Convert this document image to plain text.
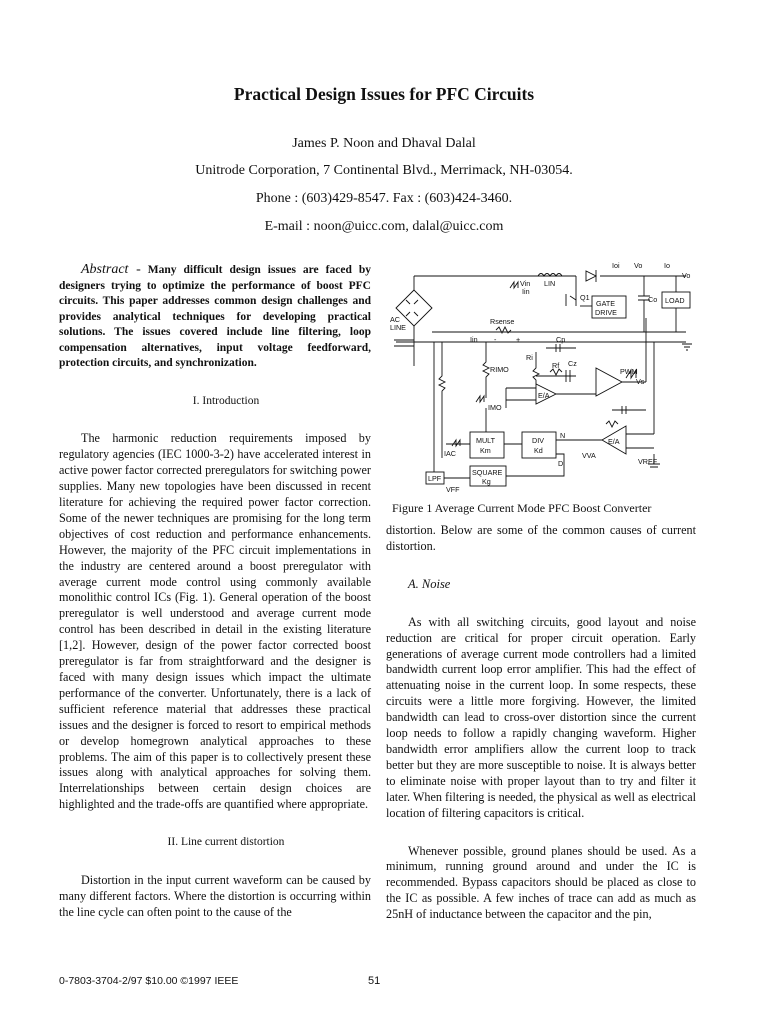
Practical Design Issues for PFC Circuits
James P. Noon and Dhaval Dalal
Unitrode Corporation, 7 Continental Blvd., Merrimack, NH-03054.
Phone : (603)429-8547. Fax : (603)424-3460.
E-mail : noon@uicc.com, dalal@uicc.com

Abstract - Many difficult design issues are faced by designers trying to optimize the performance of boost PFC circuits. This paper addresses common design challenges and provides analytical techniques for developing practical solutions. The issues covered include line filtering, loop compensation alternatives, input voltage feedforward, protection circuits, and synchronization.

I. Introduction

The harmonic reduction requirements imposed by regulatory agencies (IEC 1000-3-2) have accelerated interest in active power factor corrected preregulators for switching power supplies. Many new topologies have been discussed in recent literature for achieving the required power factor correction. Some of the newer techniques are promising for the long term objectives of cost reduction and performance enhancements. However, the majority of the PFC circuit implementations in the industry are centered around a boost preregulator with average current mode control using commonly available monolithic control ICs (Fig. 1). General operation of the boost preregulator is well understood and average current mode control has been described in detail in the existing literature [1,2]. However, design of the power factor corrected boost preregulator is far from straightforward and the designer is faced with many design issues which impact the ultimate performance of the converter. Unfortunately, there is a lack of sufficient reference material that addresses these practical issues and the designer is forced to resort to empirical methods or develop homegrown analytical approaches to these problems. The aim of this paper is to collectively present these issues along with analytical approaches for solving them. Interrelationships between certain design choices are highlighted and the trade-offs are quantified where appropriate.

II. Line current distortion

Distortion in the input current waveform can be caused by many different factors. Where the distortion is occurring within the line cycle can often point to the cause of the

Ioi Vo	Io
Vo
Vin
Iin
LIN
Q1
GATE
DRIVE
Co LOAD
AC
LINE
Rsense
Iin -	+	Cp
Ri
Rf Cz
RIMO	PWM
Vs
E/A
IMO
IAC
MULT
Km
DIV
Kd
N
D
VVA
E/A
VREF
LPF
VFF
SQUARE
Kg
Figure 1 Average Current Mode PFC Boost Converter

distortion. Below are some of the common causes of current distortion.

A. Noise

As with all switching circuits, good layout and noise reduction are critical for proper circuit operation. Early generations of average current mode controllers had a limited bandwidth current loop error amplifier. This had the effect of attenuating noise in the current loop. In some respects, these circuits were a little more forgiving. However, the limited bandwidth can lead to cross-over distortion since the current loop needs to follow a rapidly changing waveform. Higher bandwidth error amplifiers allow the current loop to track better but they are more susceptible to noise. It is always better to eliminate noise with proper layout than to try and filter it later. When filtering is needed, the physical as well as electrical location of filtering capacitors is critical.

Whenever possible, ground planes should be used. As a minimum, running ground around and under the IC is recommended. Bypass capacitors should be placed as close to the IC as possible. A few inches of trace can add as much as 25nH of inductance between the capacitor and the pin,

0-7803-3704-2/97 $10.00 ©1997 IEEE	51
